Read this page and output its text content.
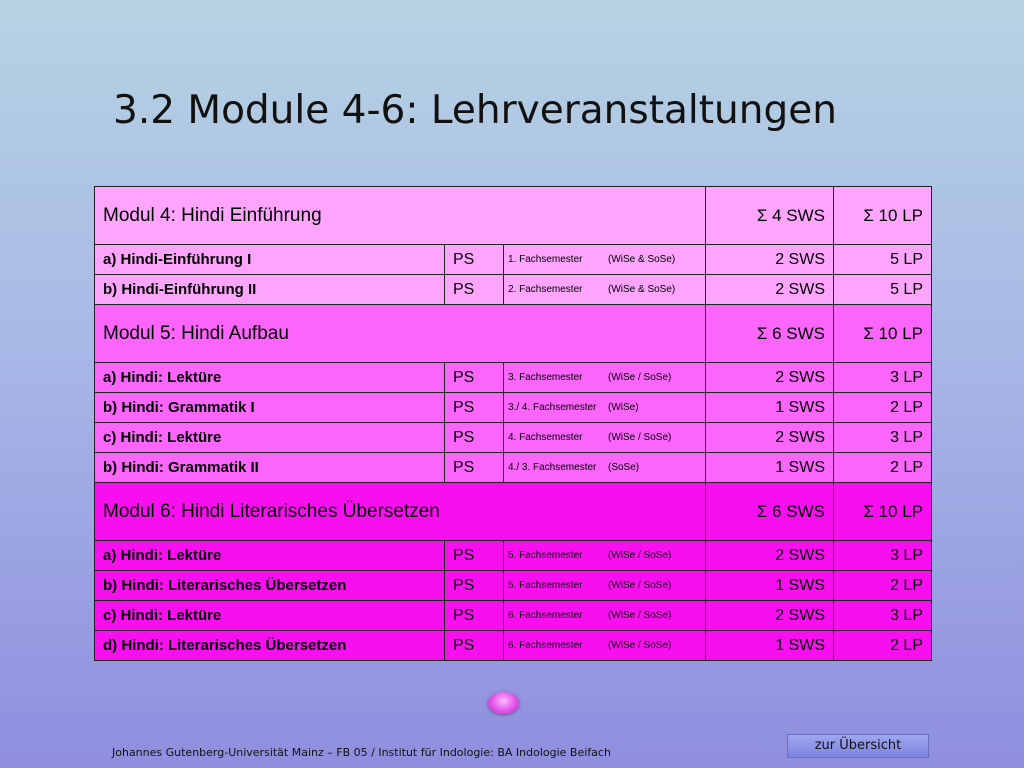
3.2 Module 4-6: Lehrveranstaltungen
Modul 4: Hindi Einführung			Σ 4 SWS	Σ 10 LP
a) Hindi-Einführung I	PS	1. Fachsemester (WiSe & SoSe)	2 SWS	5 LP
b) Hindi-Einführung II	PS	2. Fachsemester (WiSe & SoSe)	2 SWS	5 LP
Modul 5: Hindi Aufbau			Σ 6 SWS	Σ 10 LP
a) Hindi: Lektüre	PS	3. Fachsemester (WiSe / SoSe)	2 SWS	3 LP
b) Hindi: Grammatik I	PS	3./ 4. Fachsemester (WiSe)	1 SWS	2 LP
c) Hindi: Lektüre	PS	4. Fachsemester (WiSe / SoSe)	2 SWS	3 LP
b) Hindi: Grammatik II	PS	4./ 3. Fachsemester (SoSe)	1 SWS	2 LP
Modul 6: Hindi Literarisches Übersetzen			Σ 6 SWS	Σ 10 LP
a) Hindi: Lektüre	PS	5. Fachsemester (WiSe / SoSe)	2 SWS	3 LP
b) Hindi: Literarisches Übersetzen	PS	5. Fachsemester (WiSe / SoSe)	1 SWS	2 LP
c) Hindi: Lektüre	PS	6. Fachsemester (WiSe / SoSe)	2 SWS	3 LP
d) Hindi: Literarisches Übersetzen	PS	6. Fachsemester (WiSe / SoSe)	1 SWS	2 LP
Johannes Gutenberg-Universität Mainz – FB 05 / Institut für Indologie: BA Indologie Beifach	zur Übersicht
